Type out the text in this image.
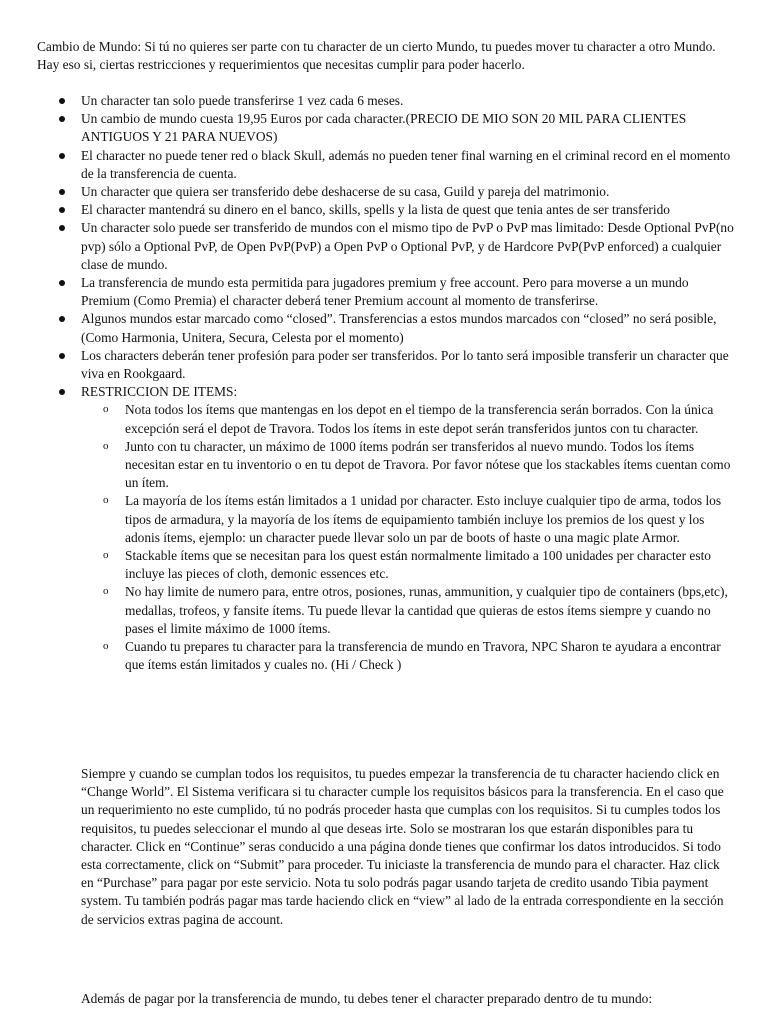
Cambio de Mundo: Si tú no quieres ser parte con tu character de un cierto Mundo, tu puedes mover tu character a otro Mundo. Hay eso si, ciertas restricciones y requerimientos que necesitas cumplir para poder hacerlo.

Un character tan solo puede transferirse 1 vez cada 6 meses.
Un cambio de mundo cuesta 19,95 Euros por cada character.(PRECIO DE MIO SON 20 MIL PARA CLIENTES ANTIGUOS Y 21 PARA NUEVOS)
El character no puede tener red o black Skull, además no pueden tener final warning en el criminal record en el momento de la transferencia de cuenta.
Un character que quiera ser transferido debe deshacerse de su casa, Guild y pareja del matrimonio.
El character mantendrá su dinero en el banco, skills, spells y la lista de quest que tenia antes de ser transferido
Un character solo puede ser transferido de mundos con el mismo tipo de PvP o PvP mas limitado: Desde Optional PvP(no pvp) sólo a Optional PvP, de Open PvP(PvP) a Open PvP o Optional PvP, y de Hardcore PvP(PvP enforced) a cualquier clase de mundo.
La transferencia de mundo esta permitida para jugadores premium y free account. Pero para moverse a un mundo Premium (Como Premia) el character deberá tener Premium account al momento de transferirse.
Algunos mundos estar marcado como “closed”. Transferencias a estos mundos marcados con “closed” no será posible, (Como Harmonia, Unitera, Secura, Celesta por el momento)
Los characters deberán tener profesión para poder ser transferidos. Por lo tanto será imposible transferir un character que viva en Rookgaard.
RESTRICCION DE ITEMS:
o Nota todos los ítems que mantengas en los depot en el tiempo de la transferencia serán borrados. Con la única excepción será el depot de Travora. Todos los ítems in este depot serán transferidos juntos con tu character.
o Junto con tu character, un máximo de 1000 ítems podrán ser transferidos al nuevo mundo. Todos los ítems necesitan estar en tu inventorio o en tu depot de Travora. Por favor nótese que los stackables ítems cuentan como un ítem.
o La mayoría de los ítems están limitados a 1 unidad por character. Esto incluye cualquier tipo de arma, todos los tipos de armadura, y la mayoría de los ítems de equipamiento también incluye los premios de los quest y los adonis ítems, ejemplo: un character puede llevar solo un par de boots of haste o una magic plate Armor.
o Stackable ítems que se necesitan para los quest están normalmente limitado a 100 unidades per character esto incluye las pieces of cloth, demonic essences etc.
o No hay limite de numero para, entre otros, posiones, runas, ammunition, y cualquier tipo de containers (bps,etc), medallas, trofeos, y fansite ítems. Tu puede llevar la cantidad que quieras de estos ítems siempre y cuando no pases el limite máximo de 1000 ítems.
o Cuando tu prepares tu character para la transferencia de mundo en Travora, NPC Sharon te ayudara a encontrar que ítems están limitados y cuales no. (Hi / Check )

Siempre y cuando se cumplan todos los requisitos, tu puedes empezar la transferencia de tu character haciendo click en “Change World”. El Sistema verificara si tu character cumple los requisitos básicos para la transferencia. En el caso que un requerimiento no este cumplido, tú no podrás proceder hasta que cumplas con los requisitos. Si tu cumples todos los requisitos, tu puedes seleccionar el mundo al que deseas irte. Solo se mostraran los que estarán disponibles para tu character. Click en “Continue” seras conducido a una página donde tienes que confirmar los datos introducidos. Si todo esta correctamente, click on “Submit” para proceder. Tu iniciaste la transferencia de mundo para el character. Haz click en “Purchase” para pagar por este servicio. Nota tu solo podrás pagar usando tarjeta de credito usando Tibia payment system. Tu también podrás pagar mas tarde haciendo click en “view” al lado de la entrada correspondiente en la sección de servicios extras pagina de account.

Además de pagar por la transferencia de mundo, tu debes tener el character preparado dentro de tu mundo:
